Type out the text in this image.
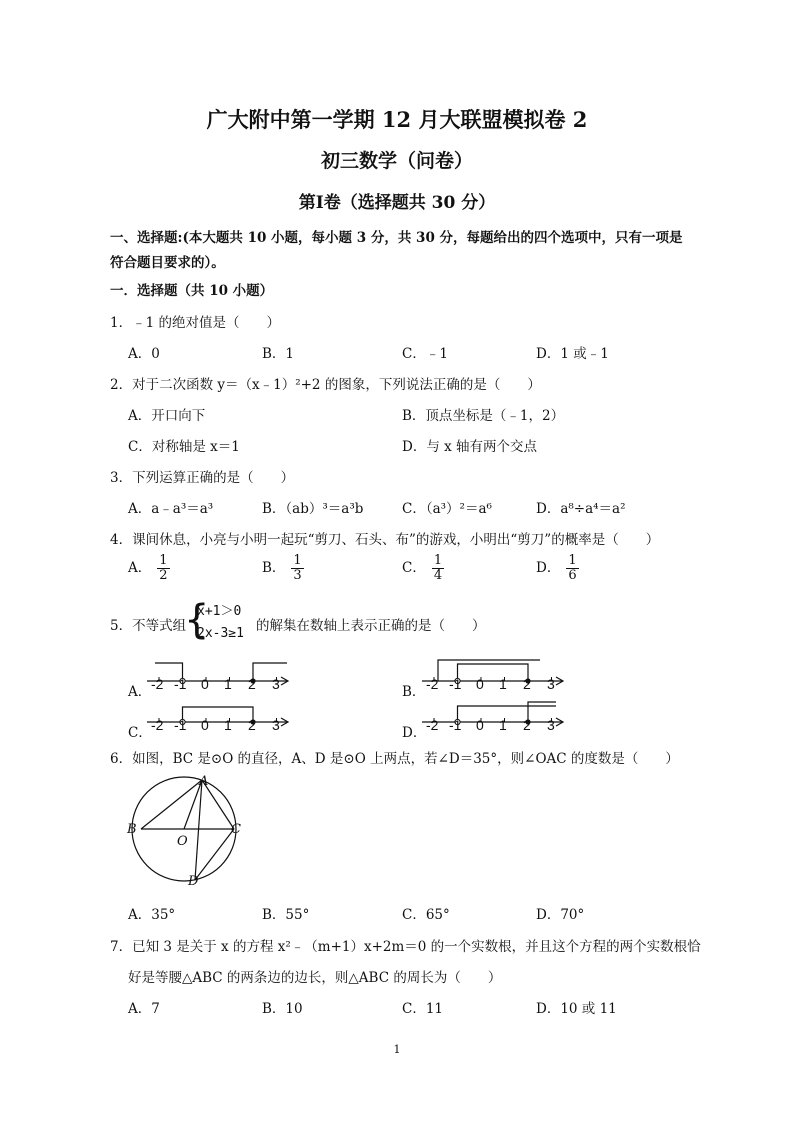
广大附中第一学期 12 月大联盟模拟卷 2
初三数学（问卷）
第Ⅰ卷（选择题共 30 分）
一、选择题:(本大题共 10 小题，每小题 3 分，共 30 分，每题给出的四个选项中，只有一项是
符合题目要求的）。
一．选择题（共 10 小题）
1．﹣1 的绝对值是（　　）
A．0	B．1	C．﹣1	D．1 或﹣1
2．对于二次函数 y＝（x﹣1）²+2 的图象，下列说法正确的是（　　）
A．开口向下	B．顶点坐标是（﹣1，2）
C．对称轴是 x＝1	D．与 x 轴有两个交点
3．下列运算正确的是（　　）
A．a﹣a³＝a³	B．（ab）³＝a³b	C．（a³）²＝a⁶	D．a⁸÷a⁴＝a²
4．课间休息，小亮与小明一起玩“剪刀、石头、布”的游戏，小明出“剪刀”的概率是（　　）
A． $\frac{1}{2}$	B． $\frac{1}{3}$	C． $\frac{1}{4}$	D． $\frac{1}{6}$
5．不等式组
{
x+1＞0
2x-3≥1 的解集在数轴上表示正确的是（　　）
A．	B．
C．	D．
-2 -1 0 1 2 3	-2 -1 0 1 2 3
-2 -1 0 1 2 3	-2 -1 0 1 2 3
6．如图，BC 是⊙O 的直径，A、D 是⊙O 上两点，若∠D＝35°，则∠OAC 的度数是（　　）
A
B	C
O
D
A．35°	B．55°	C．65°	D．70°
7．已知 3 是关于 x 的方程 x²﹣（m+1）x+2m＝0 的一个实数根，并且这个方程的两个实数根恰
好是等腰△ABC 的两条边的边长，则△ABC 的周长为（　　）
A．7	B．10	C．11	D．10 或 11
1
